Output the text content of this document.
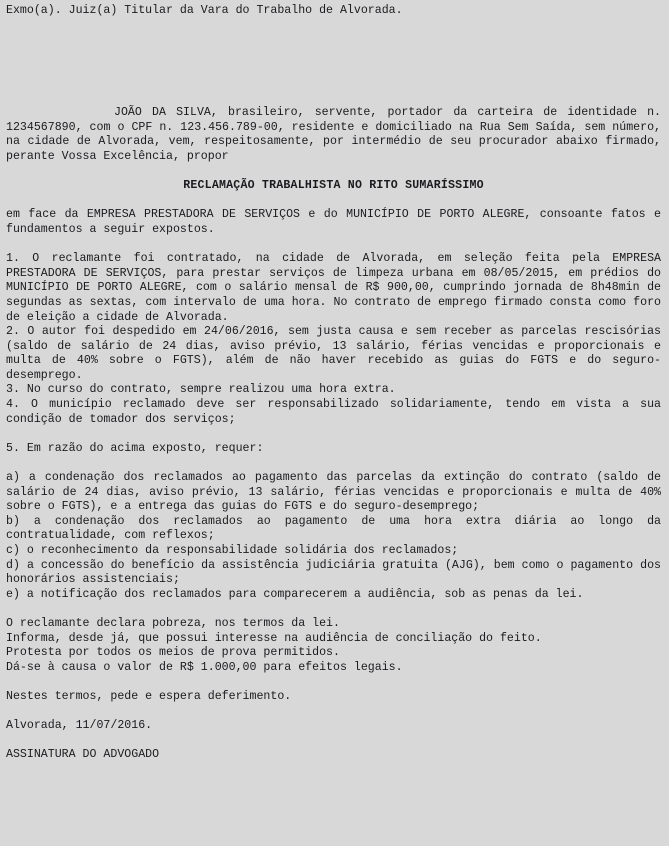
Exmo(a). Juiz(a) Titular da Vara do Trabalho de Alvorada.

JOÃO DA SILVA, brasileiro, servente, portador da carteira de identidade n. 1234567890, com o CPF n. 123.456.789-00, residente e domiciliado na Rua Sem Saída, sem número, na cidade de Alvorada, vem, respeitosamente, por intermédio de seu procurador abaixo firmado, perante Vossa Excelência, propor

RECLAMAÇÃO TRABALHISTA NO RITO SUMARÍSSIMO

em face da EMPRESA PRESTADORA DE SERVIÇOS e do MUNICÍPIO DE PORTO ALEGRE, consoante fatos e fundamentos a seguir expostos.

1. O reclamante foi contratado, na cidade de Alvorada, em seleção feita pela EMPRESA PRESTADORA DE SERVIÇOS, para prestar serviços de limpeza urbana em 08/05/2015, em prédios do MUNICÍPIO DE PORTO ALEGRE, com o salário mensal de R$ 900,00, cumprindo jornada de 8h48min de segundas as sextas, com intervalo de uma hora. No contrato de emprego firmado consta como foro de eleição a cidade de Alvorada.

2. O autor foi despedido em 24/06/2016, sem justa causa e sem receber as parcelas rescisórias (saldo de salário de 24 dias, aviso prévio, 13 salário, férias vencidas e proporcionais e multa de 40% sobre o FGTS), além de não haver recebido as guias do FGTS e do seguro-desemprego.

3. No curso do contrato, sempre realizou uma hora extra.

4. O município reclamado deve ser responsabilizado solidariamente, tendo em vista a sua condição de tomador dos serviços;

5. Em razão do acima exposto, requer:

a) a condenação dos reclamados ao pagamento das parcelas da extinção do contrato (saldo de salário de 24 dias, aviso prévio, 13 salário, férias vencidas e proporcionais e multa de 40% sobre o FGTS), e a entrega das guias do FGTS e do seguro-desemprego;

b) a condenação dos reclamados ao pagamento de uma hora extra diária ao longo da contratualidade, com reflexos;

c) o reconhecimento da responsabilidade solidária dos reclamados;

d) a concessão do benefício da assistência judiciária gratuita (AJG), bem como o pagamento dos honorários assistenciais;

e) a notificação dos reclamados para comparecerem a audiência, sob as penas da lei.

O reclamante declara pobreza, nos termos da lei.

Informa, desde já, que possui interesse na audiência de conciliação do feito.

Protesta por todos os meios de prova permitidos.

Dá-se à causa o valor de R$ 1.000,00 para efeitos legais.

Nestes termos, pede e espera deferimento.

Alvorada, 11/07/2016.

ASSINATURA DO ADVOGADO
